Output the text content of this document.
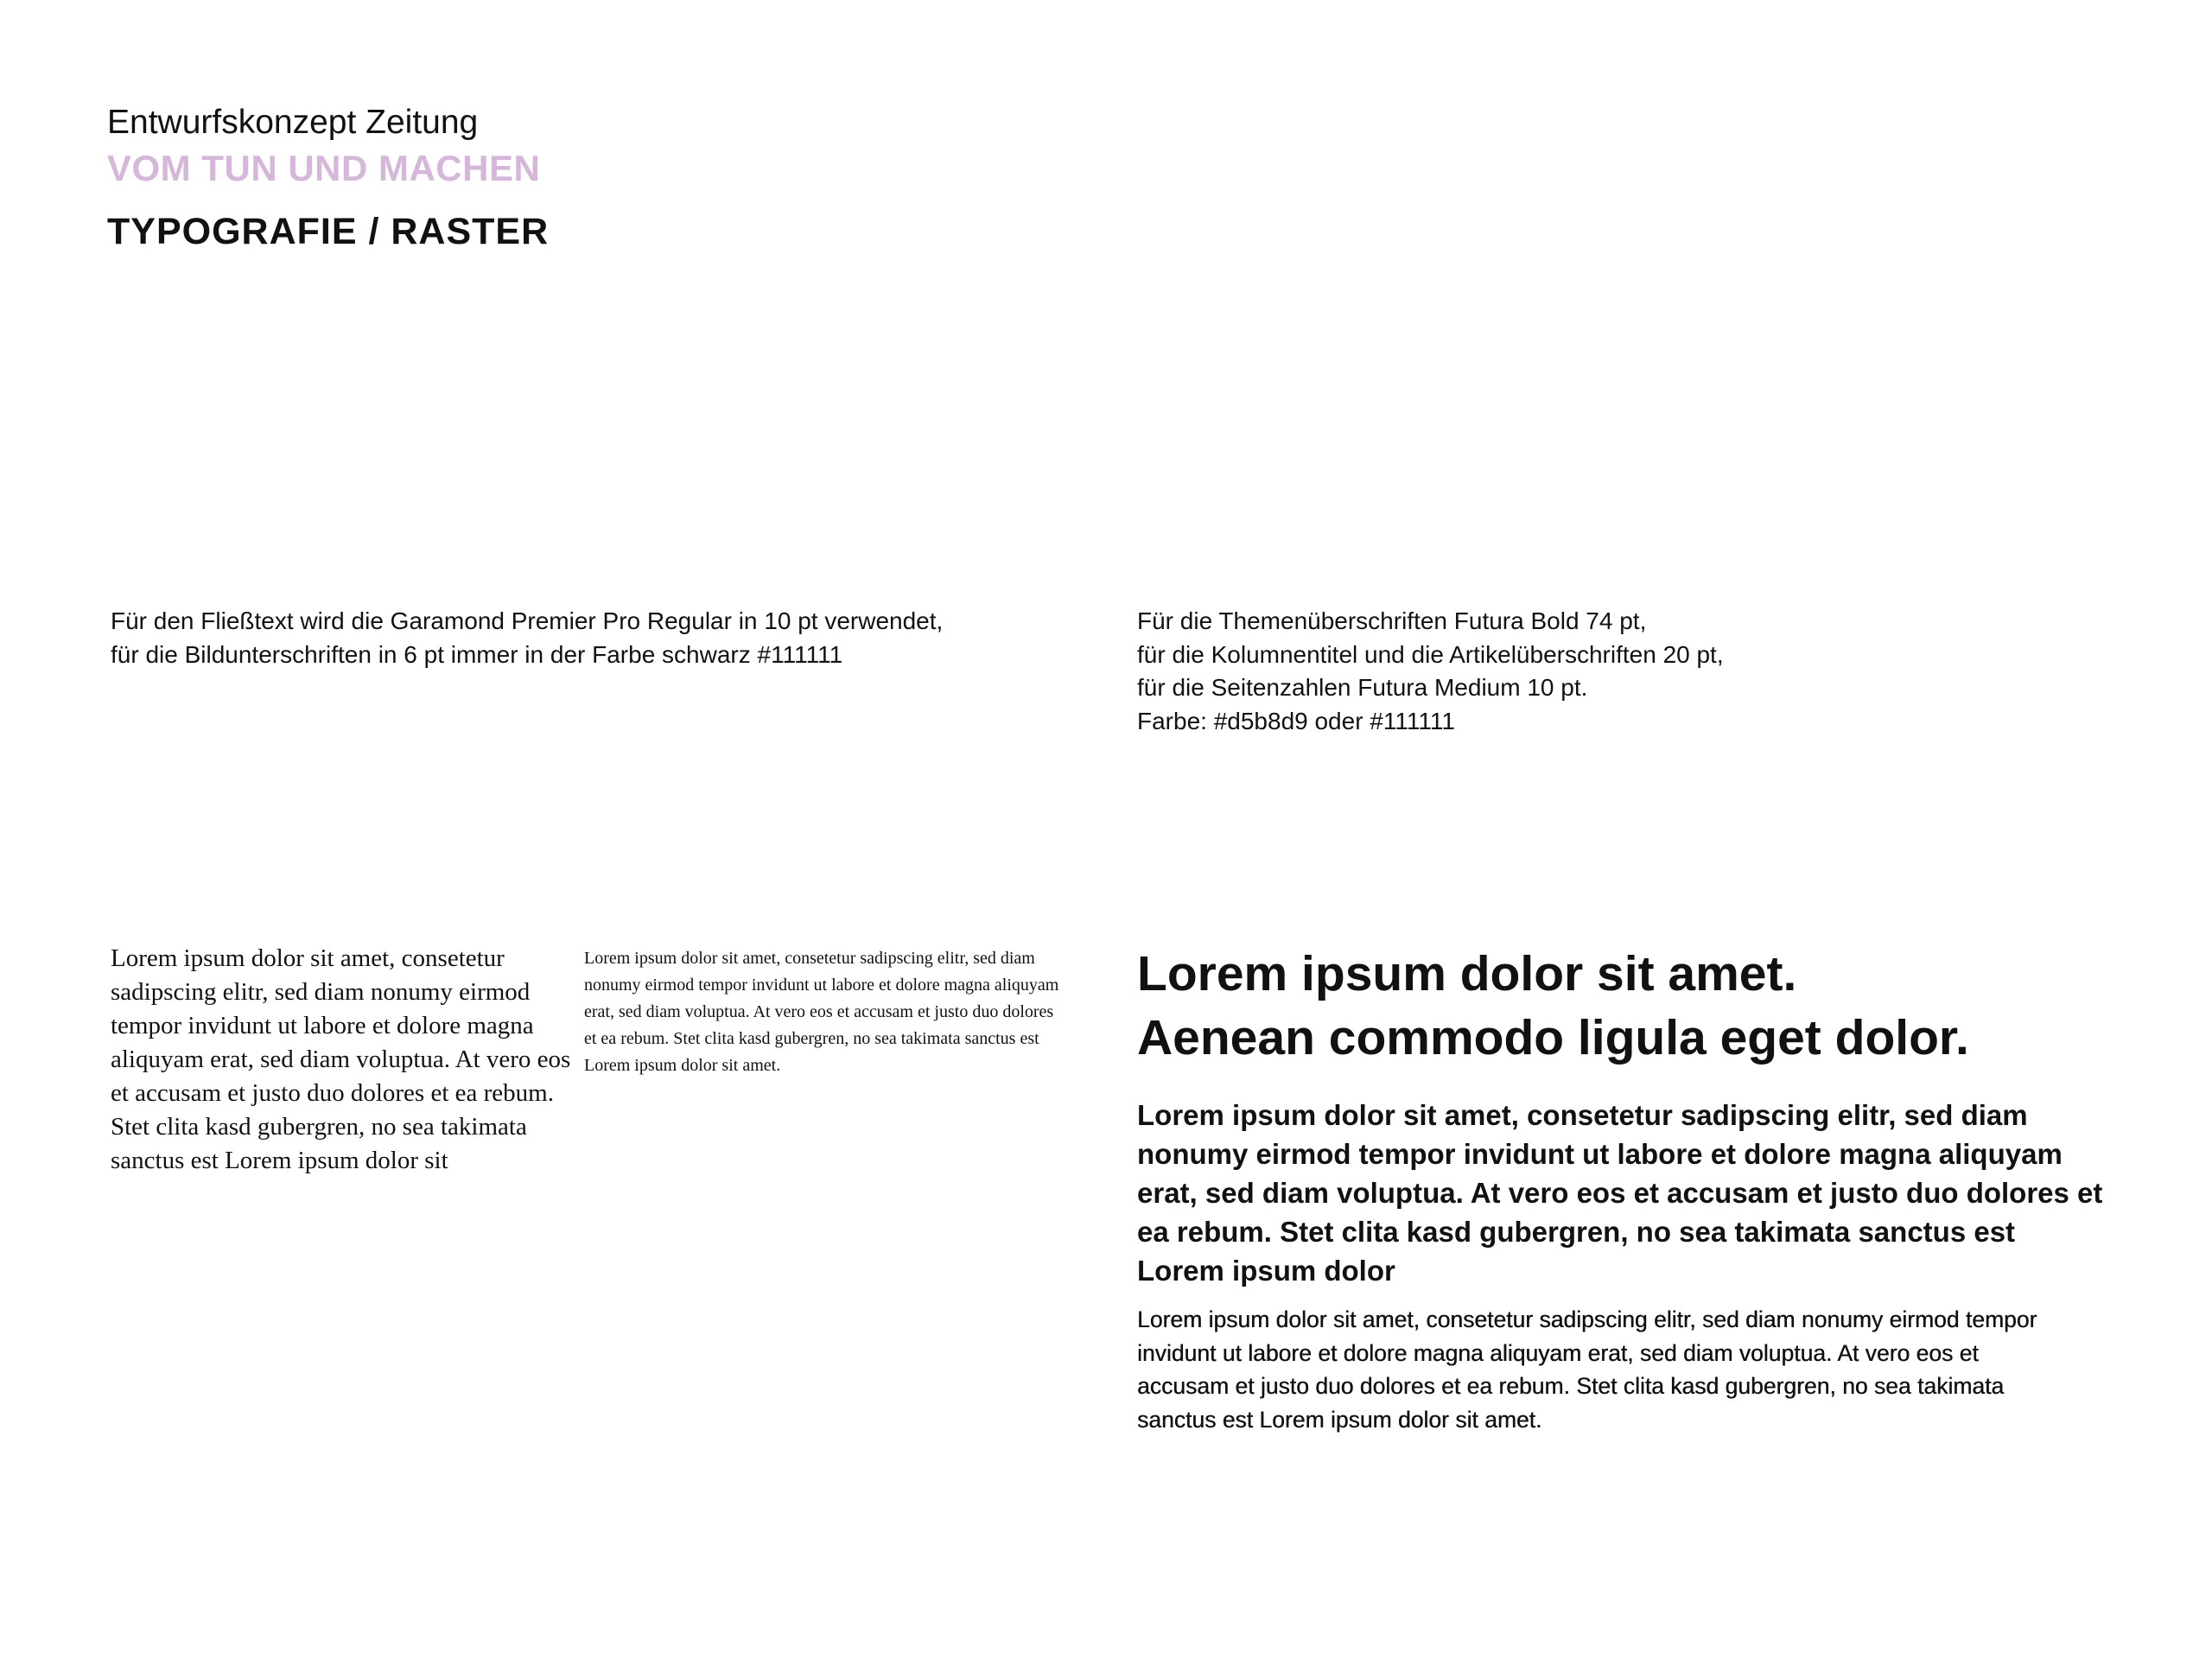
Entwurfskonzept Zeitung
VOM TUN UND MACHEN
TYPOGRAFIE / RASTER
Für den Fließtext wird die Garamond Premier Pro Regular in 10 pt verwendet,
für die Bildunterschriften in 6 pt immer in der Farbe schwarz #111111
Für die Themenüberschriften Futura Bold 74 pt,
für die Kolumnentitel und die Artikelüberschriften 20 pt,
für die Seitenzahlen Futura Medium 10 pt.
Farbe: #d5b8d9 oder #111111
Lorem ipsum dolor sit amet, consetetur sadipscing elitr, sed diam nonumy eirmod tempor invidunt ut labore et dolore magna aliquyam erat, sed diam voluptua. At vero eos et accusam et justo duo dolores et ea rebum. Stet clita kasd gubergren, no sea takimata sanctus est Lorem ipsum dolor sit
Lorem ipsum dolor sit amet, consetetur sadipscing elitr, sed diam nonumy eirmod tempor invidunt ut labore et dolore magna aliquyam erat, sed diam voluptua. At vero eos et accusam et justo duo dolores et ea rebum. Stet clita kasd gubergren, no sea takimata sanctus est Lorem ipsum dolor sit amet.
Lorem ipsum dolor sit amet.
Aenean commodo ligula eget dolor.
Lorem ipsum dolor sit amet, consetetur sadipscing elitr, sed diam nonumy eirmod tempor invidunt ut labore et dolore magna aliquyam erat, sed diam voluptua. At vero eos et accusam et justo duo dolores et ea rebum. Stet clita kasd gubergren, no sea takimata sanctus est Lorem ipsum dolor
Lorem ipsum dolor sit amet, consetetur sadipscing elitr, sed diam nonumy eirmod tempor invidunt ut labore et dolore magna aliquyam erat, sed diam voluptua. At vero eos et accusam et justo duo dolores et ea rebum. Stet clita kasd gubergren, no sea takimata sanctus est Lorem ipsum dolor sit amet.
